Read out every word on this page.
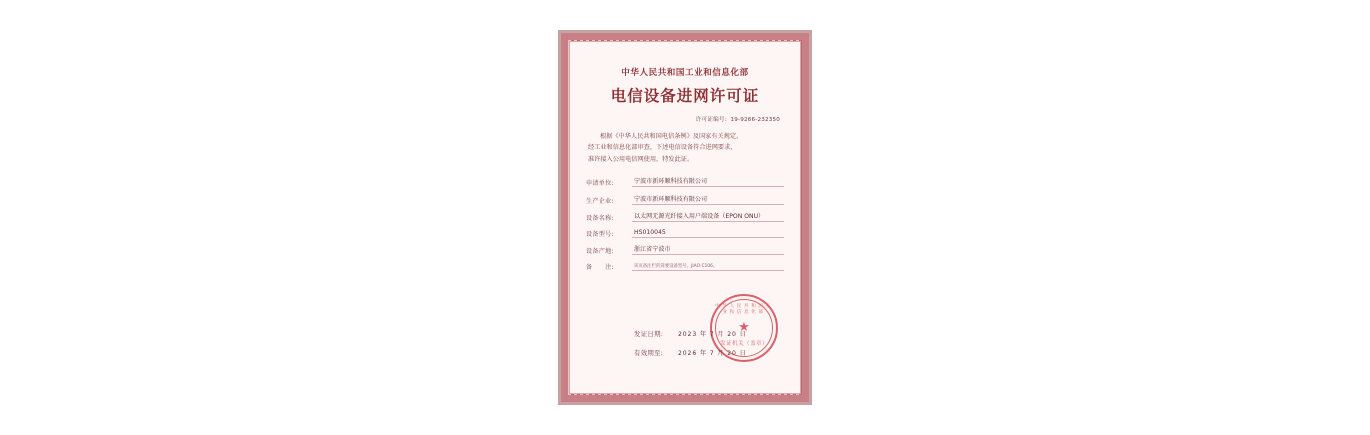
中华人民共和国工业和信息化部
电信设备进网许可证
许可证编号：19-9266-232350
根据《中华人民共和国电信条例》及国家有关规定，
经工业和信息化部审查，下述电信设备符合进网要求，
准许接入公用电信网使用，特发此证。
申请单位:	宁波市新环顺科技有限公司
生产企业:	宁波市新环顺科技有限公司
设备名称:	以太网无源光纤接入用户端设备（EPON ONU）
设备型号:	HS010045
设备产地:	浙江省宁波市
备　　注:	该页备注栏的简要设备型号、JIAO C106。
中华人民共和国工业和信息化部
★
发证机关（盖章）
发证日期:	2023 年 7 月 20 日
有效期至:	2026 年 7 月 20 日
